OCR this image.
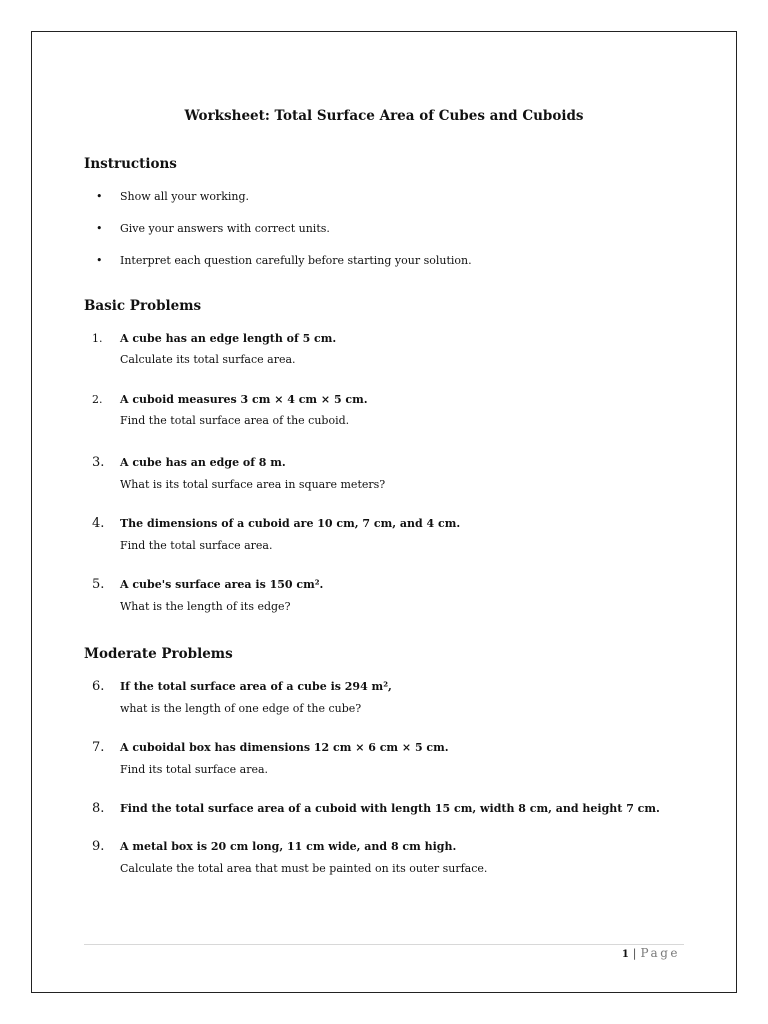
Worksheet: Total Surface Area of Cubes and Cuboids
Instructions
•	Show all your working.
•	Give your answers with correct units.
•	Interpret each question carefully before starting your solution.
Basic Problems
1.	A cube has an edge length of 5 cm.
Calculate its total surface area.
2.	A cuboid measures 3 cm × 4 cm × 5 cm.
Find the total surface area of the cuboid.
3.	A cube has an edge of 8 m.
What is its total surface area in square meters?
4.	The dimensions of a cuboid are 10 cm, 7 cm, and 4 cm.
Find the total surface area.
5.	A cube's surface area is 150 cm².
What is the length of its edge?
Moderate Problems
6.	If the total surface area of a cube is 294 m²,
what is the length of one edge of the cube?
7.	A cuboidal box has dimensions 12 cm × 6 cm × 5 cm.
Find its total surface area.
8.	Find the total surface area of a cuboid with length 15 cm, width 8 cm, and height 7 cm.
9.	A metal box is 20 cm long, 11 cm wide, and 8 cm high.
Calculate the total area that must be painted on its outer surface.
1 | Page
